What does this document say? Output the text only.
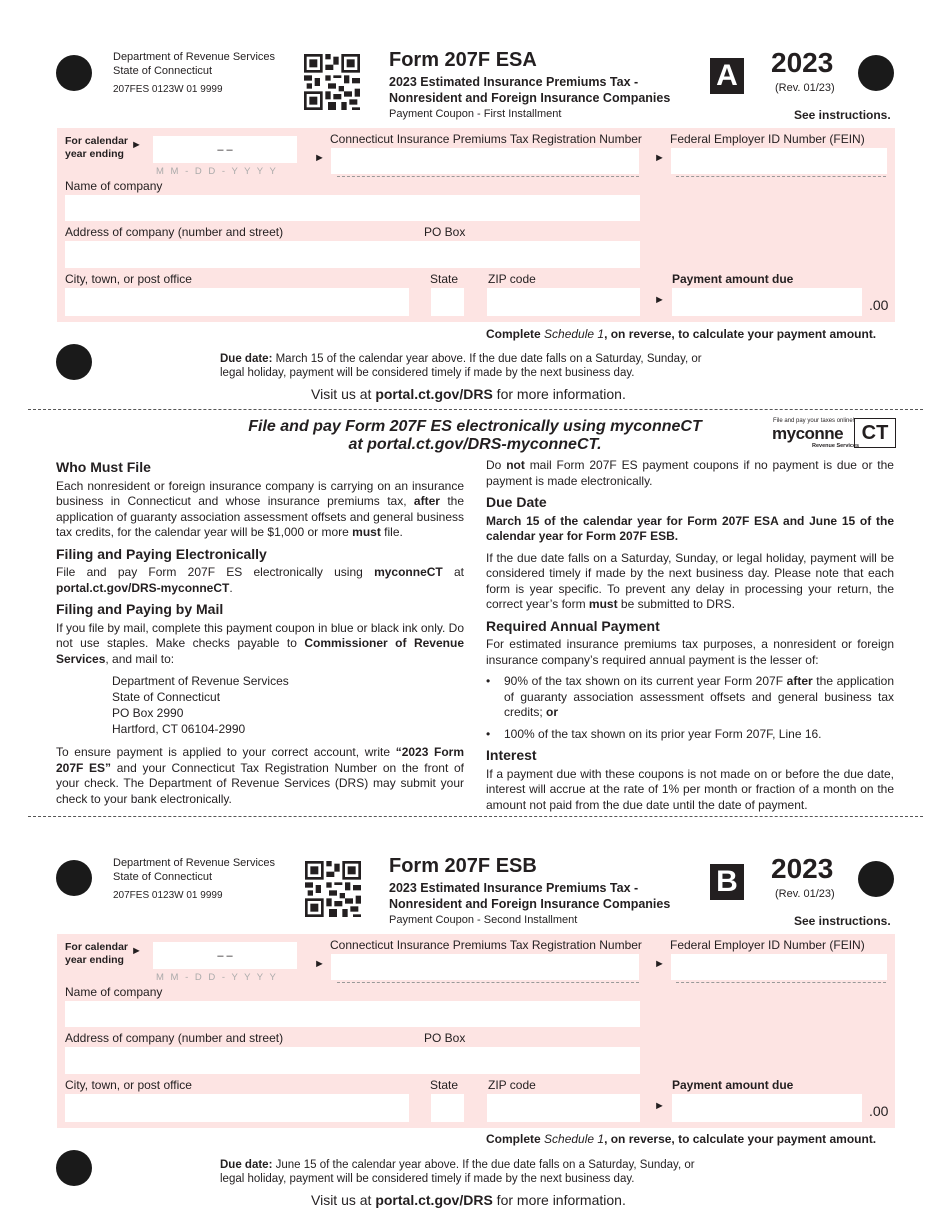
Department of Revenue Services
State of Connecticut
207FES 0123W 01 9999
Form 207F ESA
2023 Estimated Insurance Premiums Tax -
Nonresident and Foreign Insurance Companies
Payment Coupon - First Installment
A 2023
(Rev. 01/23)
See instructions.
For calendar
year ending
►	– –
M M - D D - Y Y Y Y
Connecticut Insurance Premiums Tax Registration Number
►
Federal Employer ID Number (FEIN)
►
Name of company
Address of company (number and street)	PO Box
City, town, or post office	State ZIP code	Payment amount due
►	.00
Complete Schedule 1, on reverse, to calculate your payment amount.
Due date: March 15 of the calendar year above. If the due date falls on a Saturday, Sunday, or
legal holiday, payment will be considered timely if made by the next business day.
Visit us at portal.ct.gov/DRS for more information.
File and pay Form 207F ES electronically using myconneCT
at portal.ct.gov/DRS-myconneCT.
File and pay your taxes online!
myconne CT
Revenue Services
Who Must File

Each nonresident or foreign insurance company is carrying on an insurance business in Connecticut and whose insurance premiums tax, after the application of guaranty association assessment offsets and general business tax credits, for the calendar year will be $1,000 or more must file.

Filing and Paying Electronically

File and pay Form 207F ES electronically using myconneCT at portal.ct.gov/DRS-myconneCT.

Filing and Paying by Mail

If you file by mail, complete this payment coupon in blue or black ink only. Do not use staples. Make checks payable to Commissioner of Revenue Services, and mail to:

Department of Revenue Services
State of Connecticut
PO Box 2990
Hartford, CT 06104-2990

To ensure payment is applied to your correct account, write “2023 Form 207F ES” and your Connecticut Tax Registration Number on the front of your check. The Department of Revenue Services (DRS) may submit your check to your bank electronically.

Do not mail Form 207F ES payment coupons if no payment is due or the payment is made electronically.

Due Date

March 15 of the calendar year for Form 207F ESA and June 15 of the calendar year for Form 207F ESB.

If the due date falls on a Saturday, Sunday, or legal holiday, payment will be considered timely if made by the next business day. Please note that each form is year specific. To prevent any delay in processing your return, the correct year’s form must be submitted to DRS.

Required Annual Payment

For estimated insurance premiums tax purposes, a nonresident or foreign insurance company’s required annual payment is the lesser of:

• 90% of the tax shown on its current year Form 207F after the application of guaranty association assessment offsets and general business tax credits; or
• 100% of the tax shown on its prior year Form 207F, Line 16.
Interest

If a payment due with these coupons is not made on or before the due date, interest will accrue at the rate of 1% per month or fraction of a month on the amount not paid from the due date until the date of payment.

Department of Revenue Services
State of Connecticut
207FES 0123W 01 9999
Form 207F ESB
2023 Estimated Insurance Premiums Tax -
Nonresident and Foreign Insurance Companies
Payment Coupon - Second Installment
B 2023
(Rev. 01/23)
See instructions.
For calendar
year ending
►	– –
M M - D D - Y Y Y Y
Connecticut Insurance Premiums Tax Registration Number
►
Federal Employer ID Number (FEIN)
►
Name of company
Address of company (number and street)	PO Box
City, town, or post office	State ZIP code	Payment amount due
►	.00
Complete Schedule 1, on reverse, to calculate your payment amount.
Due date: June 15 of the calendar year above. If the due date falls on a Saturday, Sunday, or
legal holiday, payment will be considered timely if made by the next business day.
Visit us at portal.ct.gov/DRS for more information.
